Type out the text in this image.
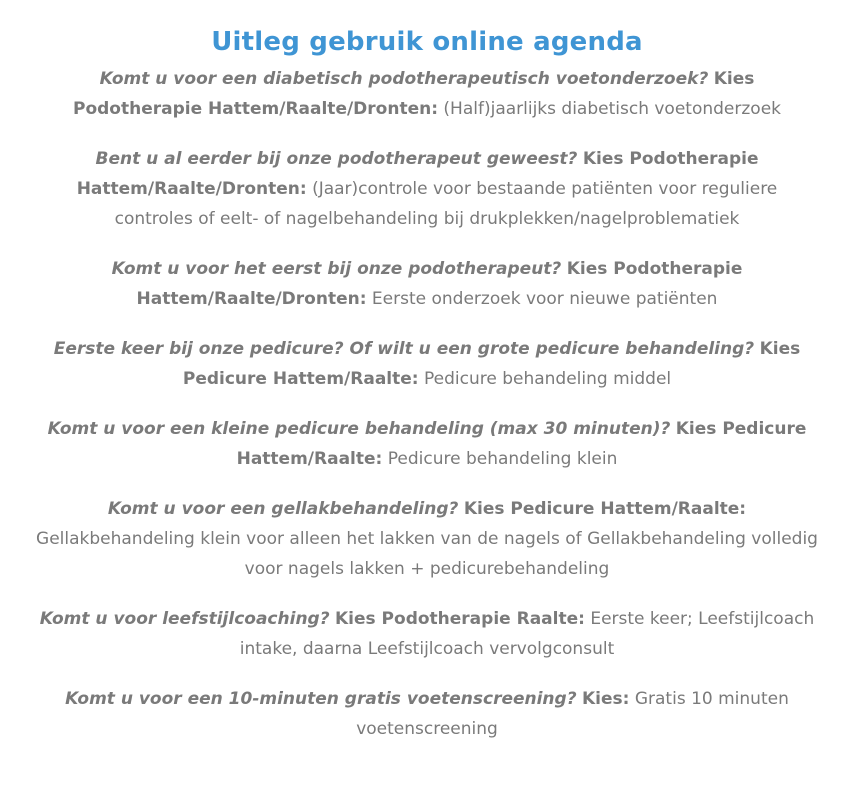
Uitleg gebruik online agenda
Komt u voor een diabetisch podotherapeutisch voetonderzoek? Kies Podotherapie Hattem/Raalte/Dronten: (Half)jaarlijks diabetisch voetonderzoek
Bent u al eerder bij onze podotherapeut geweest? Kies Podotherapie Hattem/Raalte/Dronten: (Jaar)controle voor bestaande patiënten voor reguliere controles of eelt- of nagelbehandeling bij drukplekken/nagelproblematiek
Komt u voor het eerst bij onze podotherapeut? Kies Podotherapie Hattem/Raalte/Dronten: Eerste onderzoek voor nieuwe patiënten
Eerste keer bij onze pedicure? Of wilt u een grote pedicure behandeling? Kies Pedicure Hattem/Raalte: Pedicure behandeling middel
Komt u voor een kleine pedicure behandeling (max 30 minuten)? Kies Pedicure Hattem/Raalte: Pedicure behandeling klein
Komt u voor een gellakbehandeling? Kies Pedicure Hattem/Raalte: Gellakbehandeling klein voor alleen het lakken van de nagels of Gellakbehandeling volledig voor nagels lakken + pedicurebehandeling
Komt u voor leefstijlcoaching? Kies Podotherapie Raalte: Eerste keer; Leefstijlcoach intake, daarna Leefstijlcoach vervolgconsult
Komt u voor een 10-minuten gratis voetenscreening? Kies: Gratis 10 minuten voetenscreening
